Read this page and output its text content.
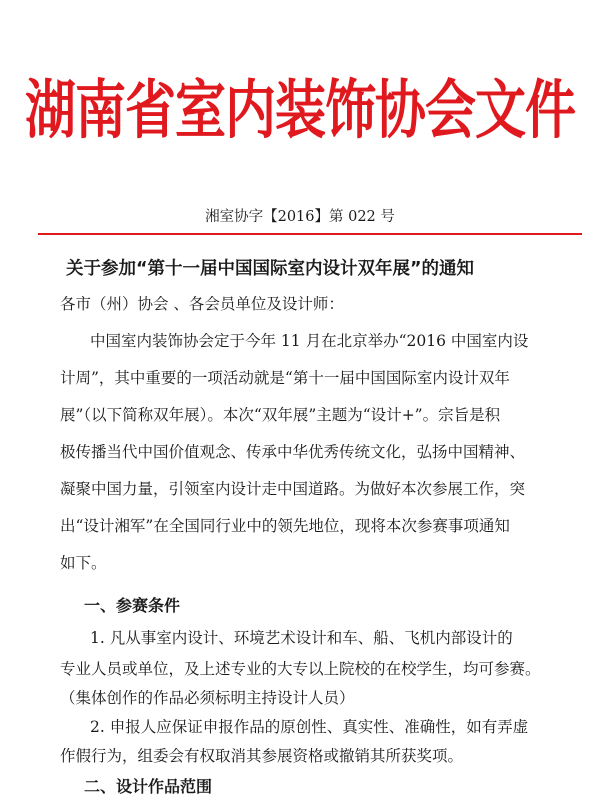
湖南省室内装饰协会文件
湘室协字【2016】第 022 号
关于参加“第十一届中国国际室内设计双年展”的通知
各市（州）协会 、各会员单位及设计师：
中国室内装饰协会定于今年 11 月在北京举办“2016 中国室内设
计周”，其中重要的一项活动就是“第十一届中国国际室内设计双年
展”（以下简称双年展）。本次“双年展”主题为“设计+”。宗旨是积
极传播当代中国价值观念、传承中华优秀传统文化，弘扬中国精神、
凝聚中国力量，引领室内设计走中国道路。为做好本次参展工作，突
出“设计湘军”在全国同行业中的领先地位，现将本次参赛事项通知
如下。
一、参赛条件
1. 凡从事室内设计、环境艺术设计和车、船、飞机内部设计的
专业人员或单位，及上述专业的大专以上院校的在校学生，均可参赛。
（集体创作的作品必须标明主持设计人员）
2. 申报人应保证申报作品的原创性、真实性、准确性，如有弄虚
作假行为，组委会有权取消其参展资格或撤销其所获奖项。
二、设计作品范围
